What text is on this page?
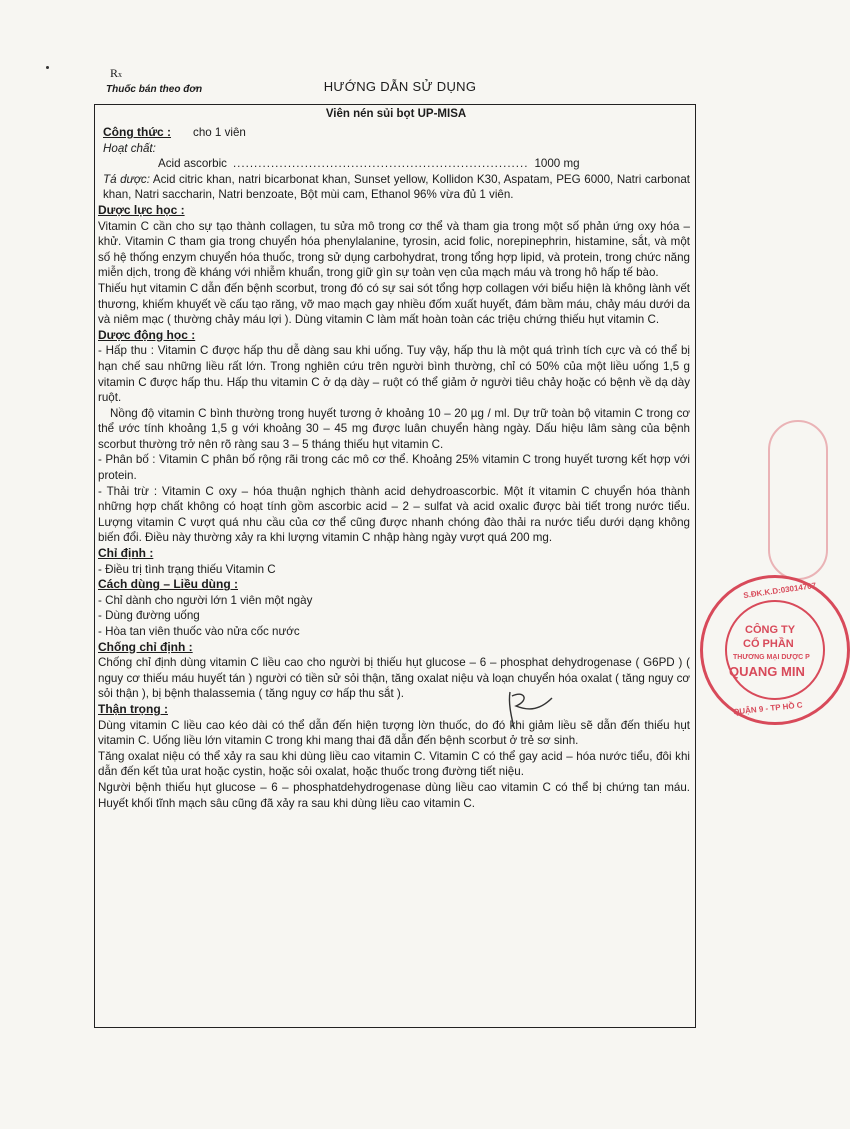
Rx
Thuốc bán theo đơn	HƯỚNG DẪN SỬ DỤNG
Viên nén sủi bọt UP-MISA
Công thức : cho 1 viên
Hoạt chất:
Acid ascorbic ...................................................................... 1000 mg

Tá dược: Acid citric khan, natri bicarbonat khan, Sunset yellow, Kollidon K30, Aspatam, PEG 6000, Natri carbonat khan, Natri saccharin, Natri benzoate, Bột mùi cam, Ethanol 96% vừa đủ 1 viên.

Dược lực học :

Vitamin C cần cho sự tạo thành collagen, tu sửa mô trong cơ thể và tham gia trong một số phản ứng oxy hóa – khử. Vitamin C tham gia trong chuyển hóa phenylalanine, tyrosin, acid folic, norepinephrin, histamine, sắt, và một số hệ thống enzym chuyển hóa thuốc, trong sử dụng carbohydrat, trong tổng hợp lipid, và protein, trong chức năng miễn dịch, trong đề kháng với nhiễm khuẩn, trong giữ gìn sự toàn vẹn của mạch máu và trong hô hấp tế bào.

Thiếu hụt vitamin C dẫn đến bệnh scorbut, trong đó có sự sai sót tổng hợp collagen với biểu hiện là không lành vết thương, khiếm khuyết về cấu tạo răng, vỡ mao mạch gay nhiều đốm xuất huyết, đám bầm máu, chảy máu dưới da và niêm mạc ( thường chảy máu lợi ). Dùng vitamin C làm mất hoàn toàn các triệu chứng thiếu hụt vitamin C.

Dược động học :

- Hấp thu : Vitamin C được hấp thu dễ dàng sau khi uống. Tuy vậy, hấp thu là một quá trình tích cực và có thể bị hạn chế sau những liều rất lớn. Trong nghiên cứu trên người bình thường, chỉ có 50% của một liều uống 1,5 g vitamin C được hấp thu. Hấp thu vitamin C ở dạ dày – ruột có thể giảm ở người tiêu chảy hoặc có bệnh về dạ dày ruột.

Nồng độ vitamin C bình thường trong huyết tương ở khoảng 10 – 20 µg / ml. Dự trữ toàn bộ vitamin C trong cơ thể ước tính khoảng 1,5 g với khoảng 30 – 45 mg được luân chuyển hàng ngày. Dấu hiệu lâm sàng của bệnh scorbut thường trở nên rõ ràng sau 3 – 5 tháng thiếu hụt vitamin C.

- Phân bố : Vitamin C phân bố rộng rãi trong các mô cơ thể. Khoảng 25% vitamin C trong huyết tương kết hợp với protein.

- Thải trừ : Vitamin C oxy – hóa thuận nghịch thành acid dehydroascorbic. Một ít vitamin C chuyển hóa thành những hợp chất không có hoạt tính gồm ascorbic acid – 2 – sulfat và acid oxalic được bài tiết trong nước tiểu. Lượng vitamin C vượt quá nhu cầu của cơ thể cũng được nhanh chóng đào thải ra nước tiểu dưới dạng không biến đổi. Điều này thường xảy ra khi lượng vitamin C nhập hàng ngày vượt quá 200 mg.

Chỉ định :
- Điều trị tình trạng thiếu Vitamin C
Cách dùng – Liều dùng :
- Chỉ dành cho người lớn 1 viên một ngày
- Dùng đường uống
- Hòa tan viên thuốc vào nửa cốc nước
Chống chỉ định :

Chống chỉ định dùng vitamin C liều cao cho người bị thiếu hụt glucose – 6 – phosphat dehydrogenase ( G6PD ) ( nguy cơ thiếu máu huyết tán ) người có tiền sử sỏi thận, tăng oxalat niệu và loạn chuyển hóa oxalat ( tăng nguy cơ sỏi thận ), bị bệnh thalassemia ( tăng nguy cơ hấp thu sắt ).

Thận trọng :

Dùng vitamin C liều cao kéo dài có thể dẫn đến hiện tượng lờn thuốc, do đó khi giảm liều sẽ dẫn đến thiếu hụt vitamin C. Uống liều lớn vitamin C trong khi mang thai đã dẫn đến bệnh scorbut ở trẻ sơ sinh.

Tăng oxalat niệu có thể xảy ra sau khi dùng liều cao vitamin C. Vitamin C có thể gay acid – hóa nước tiểu, đôi khi dẫn đến kết tủa urat hoặc cystin, hoặc sỏi oxalat, hoặc thuốc trong đường tiết niệu.

Người bệnh thiếu hụt glucose – 6 – phosphatdehydrogenase dùng liều cao vitamin C có thể bị chứng tan máu. Huyết khối tĩnh mạch sâu cũng đã xảy ra sau khi dùng liều cao vitamin C.

S.ĐK.K.D:03014707
CÔNG TY
CỔ PHẦN
THƯƠNG MẠI DƯỢC P
QUANG MIN
QUẬN 9 - TP HỒ C
